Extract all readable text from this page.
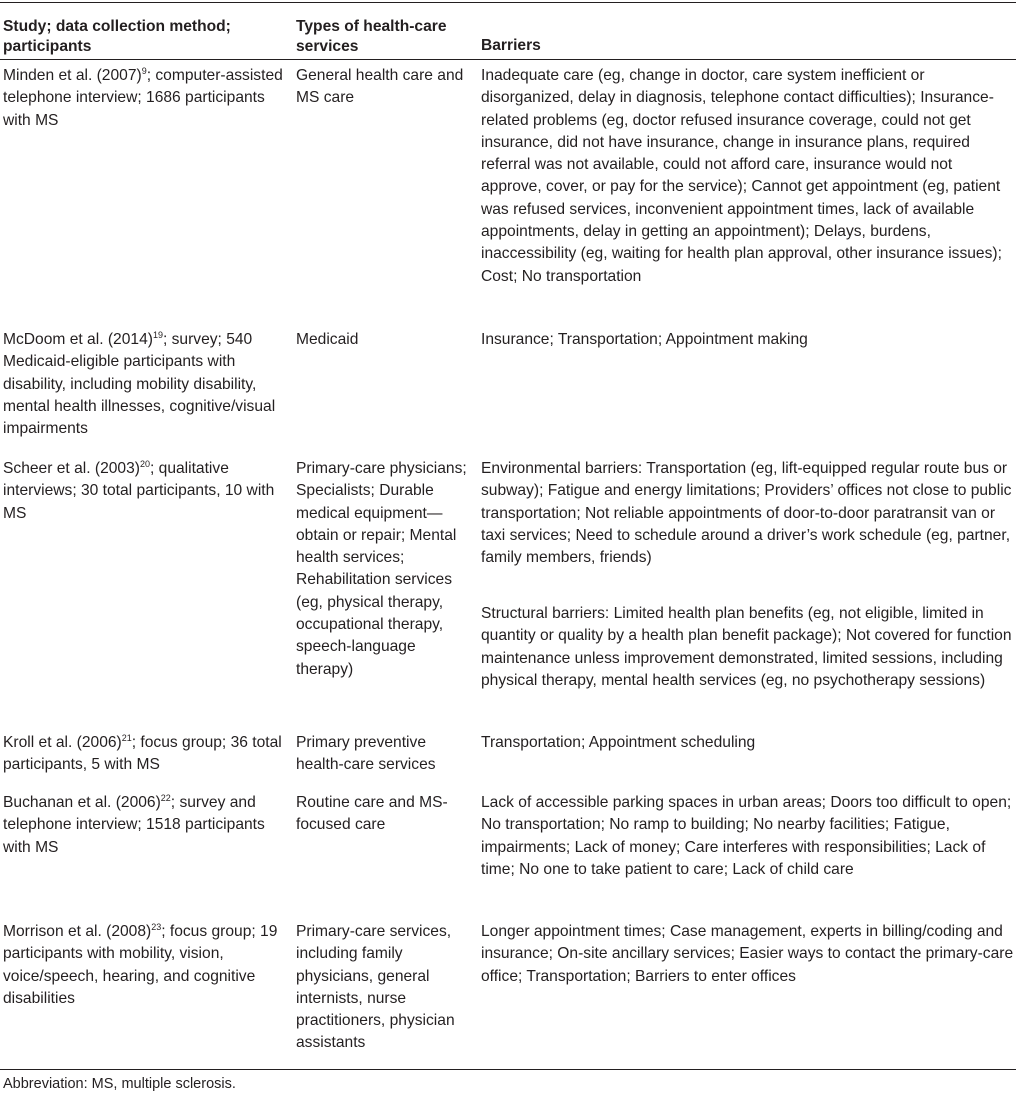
Study; data collection method; participants
Types of health-care services	Barriers
Minden et al. $(2007)^9$; computer-assisted telephone interview; 1686 participants with MS
General health care and MS care
Inadequate care (eg, change in doctor, care system inefficient or disorganized, delay in diagnosis, telephone contact difficulties); Insurance-related problems (eg, doctor refused insurance coverage, could not get insurance, did not have insurance, change in insurance plans, required referral was not available, could not afford care, insurance would not approve, cover, or pay for the service); Cannot get appointment (eg, patient was refused services, inconvenient appointment times, lack of available appointments, delay in getting an appointment); Delays, burdens, inaccessibility (eg, waiting for health plan approval, other insurance issues); Cost; No transportation
McDoom et al. $(2014)^{19}$; survey; 540 Medicaid-eligible participants with disability, including mobility disability, mental health illnesses, cognitive/visual impairments
Medicaid	Insurance; Transportation; Appointment making
Scheer et al. $(2003)^{20}$; qualitative interviews; 30 total participants, 10 with MS
Primary-care physicians; Specialists; Durable medical equipment—obtain or repair; Mental health services; Rehabilitation services (eg, physical therapy, occupational therapy, speech-language therapy)
Environmental barriers: Transportation (eg, lift-equipped regular route bus or subway); Fatigue and energy limitations; Providers’ offices not close to public transportation; Not reliable appointments of door-to-door paratransit van or taxi services; Need to schedule around a driver’s work schedule (eg, partner, family members, friends)
Structural barriers: Limited health plan benefits (eg, not eligible, limited in quantity or quality by a health plan benefit package); Not covered for function maintenance unless improvement demonstrated, limited sessions, including physical therapy, mental health services (eg, no psychotherapy sessions)
Kroll et al. $(2006)^{21}$; focus group; 36 total participants, 5 with MS
Primary preventive health-care services
Transportation; Appointment scheduling
Buchanan et al. $(2006)^{22}$; survey and telephone interview; 1518 participants with MS
Routine care and MS-focused care
Lack of accessible parking spaces in urban areas; Doors too difficult to open; No transportation; No ramp to building; No nearby facilities; Fatigue, impairments; Lack of money; Care interferes with responsibilities; Lack of time; No one to take patient to care; Lack of child care
Morrison et al. $(2008)^{23}$; focus group; 19 participants with mobility, vision, voice/speech, hearing, and cognitive disabilities
Primary-care services, including family physicians, general internists, nurse practitioners, physician assistants
Longer appointment times; Case management, experts in billing/coding and insurance; On-site ancillary services; Easier ways to contact the primary-care office; Transportation; Barriers to enter offices
Abbreviation: MS, multiple sclerosis.
